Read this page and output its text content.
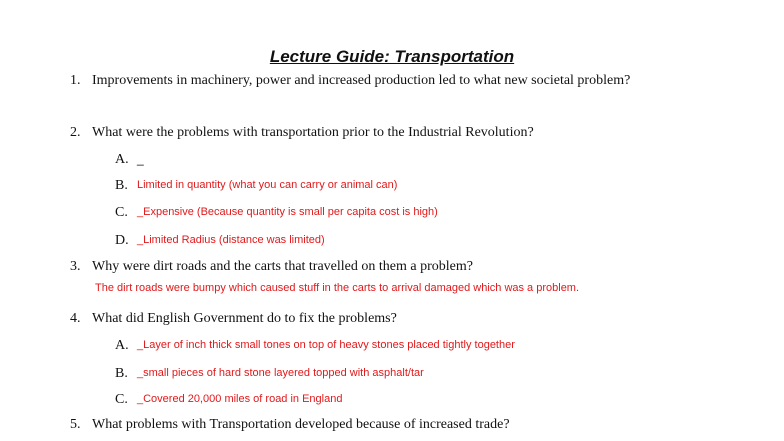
Lecture Guide: Transportation
1. Improvements in machinery, power and increased production led to what new societal problem?
2. What were the problems with transportation prior to the Industrial Revolution?
A. _
B. Limited in quantity (what you can carry or animal can)
C. _Expensive (Because quantity is small per capita cost is high)
D. _Limited Radius (distance was limited)
3. Why were dirt roads and the carts that travelled on them a problem?
The dirt roads were bumpy which caused stuff in the carts to arrival damaged which was a problem.
4. What did English Government do to fix the problems?
A. _Layer of inch thick small tones on top of heavy stones placed tightly together
B. _small pieces of hard stone layered topped with asphalt/tar
C. _Covered 20,000 miles of road in England
5. What problems with Transportation developed because of increased trade?
